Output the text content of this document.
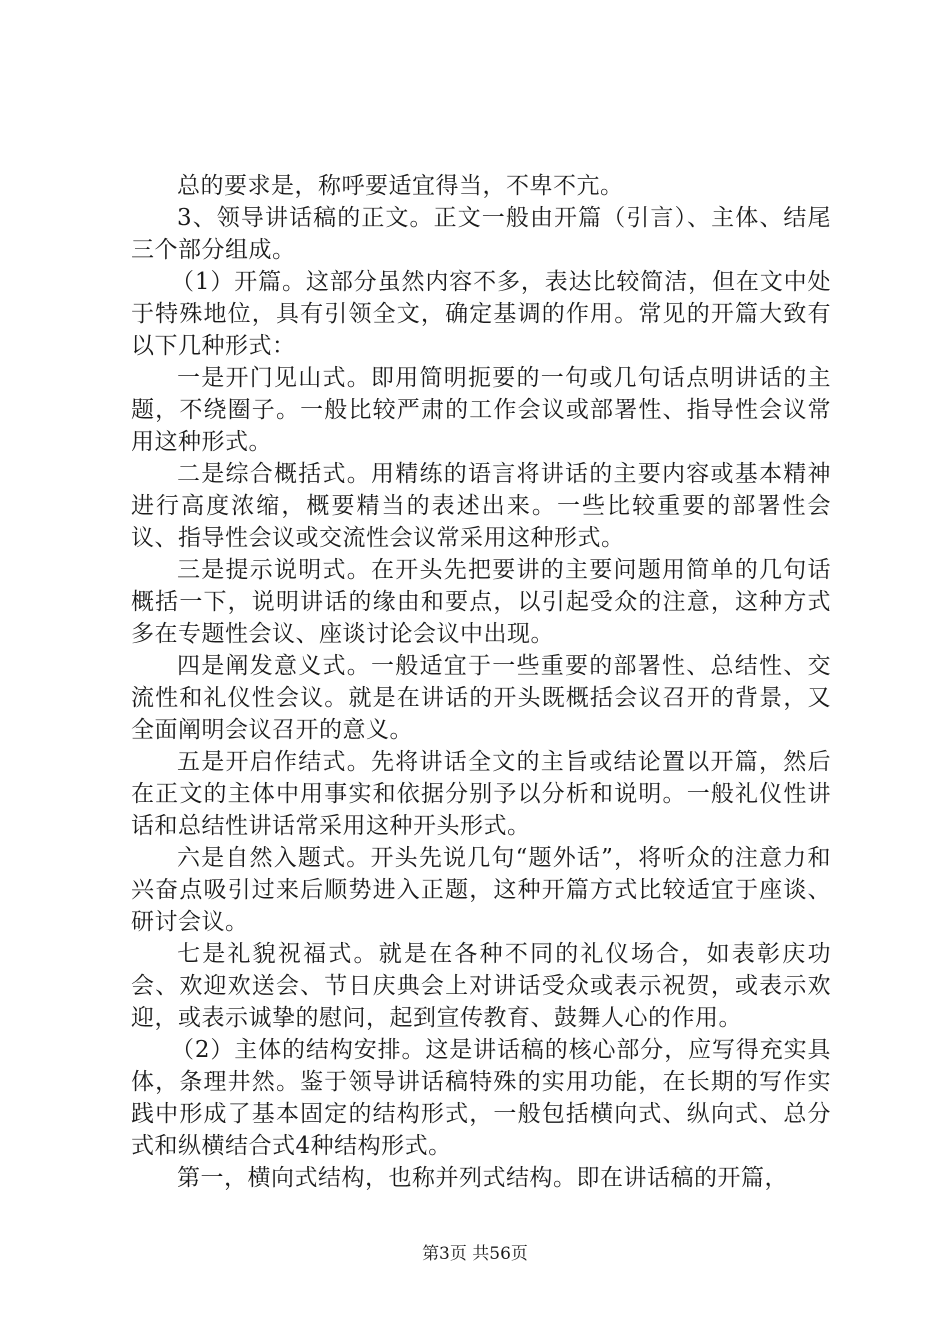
总的要求是，称呼要适宜得当，不卑不亢。

3、领导讲话稿的正文。正文一般由开篇（引言）、主体、结尾三个部分组成。

（1）开篇。这部分虽然内容不多，表达比较简洁，但在文中处于特殊地位，具有引领全文，确定基调的作用。常见的开篇大致有以下几种形式：

一是开门见山式。即用简明扼要的一句或几句话点明讲话的主题，不绕圈子。一般比较严肃的工作会议或部署性、指导性会议常用这种形式。

二是综合概括式。用精练的语言将讲话的主要内容或基本精神进行高度浓缩，概要精当的表述出来。一些比较重要的部署性会议、指导性会议或交流性会议常采用这种形式。

三是提示说明式。在开头先把要讲的主要问题用简单的几句话概括一下，说明讲话的缘由和要点，以引起受众的注意，这种方式多在专题性会议、座谈讨论会议中出现。

四是阐发意义式。一般适宜于一些重要的部署性、总结性、交流性和礼仪性会议。就是在讲话的开头既概括会议召开的背景，又全面阐明会议召开的意义。

五是开启作结式。先将讲话全文的主旨或结论置以开篇，然后在正文的主体中用事实和依据分别予以分析和说明。一般礼仪性讲话和总结性讲话常采用这种开头形式。

六是自然入题式。开头先说几句“题外话”，将听众的注意力和兴奋点吸引过来后顺势进入正题，这种开篇方式比较适宜于座谈、研讨会议。

七是礼貌祝福式。就是在各种不同的礼仪场合，如表彰庆功会、欢迎欢送会、节日庆典会上对讲话受众或表示祝贺，或表示欢迎，或表示诚挚的慰问，起到宣传教育、鼓舞人心的作用。

（2）主体的结构安排。这是讲话稿的核心部分，应写得充实具体，条理井然。鉴于领导讲话稿特殊的实用功能，在长期的写作实践中形成了基本固定的结构形式，一般包括横向式、纵向式、总分式和纵横结合式4种结构形式。

第一，横向式结构，也称并列式结构。即在讲话稿的开篇，

第3页 共56页
